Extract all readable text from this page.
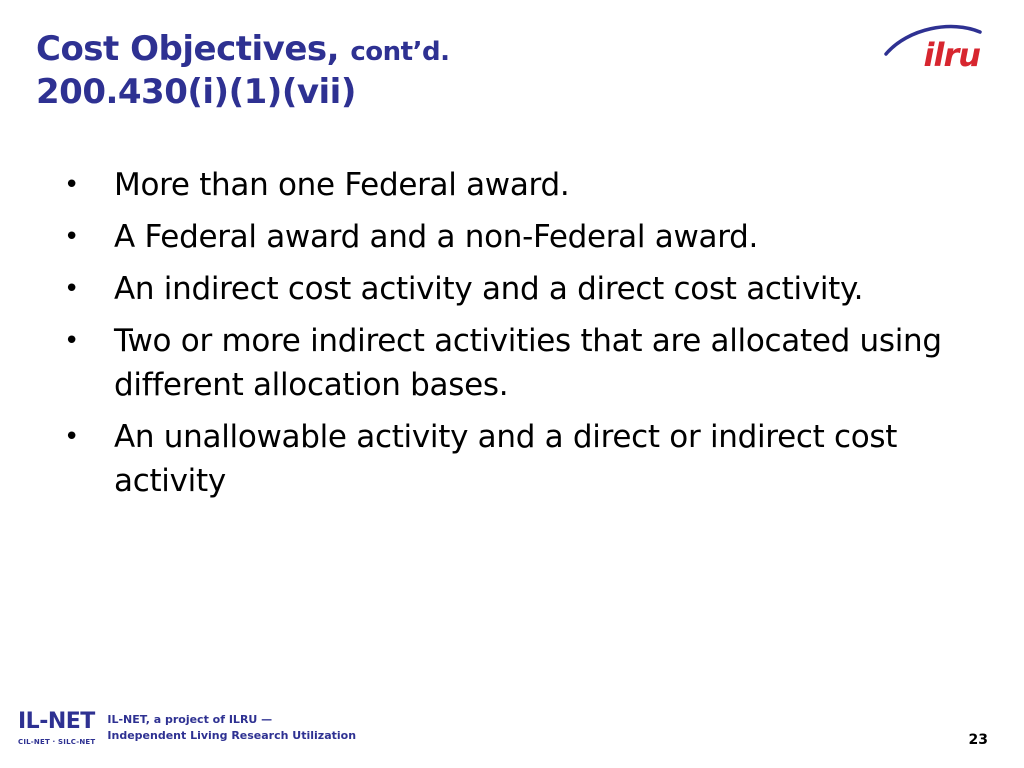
Cost Objectives, cont’d.
200.430(i)(1)(vii)
ilru
• More than one Federal award.
• A Federal award and a non-Federal award.
• An indirect cost activity and a direct cost activity.
• Two or more indirect activities that are allocated using different allocation bases.
• An unallowable activity and a direct or indirect cost activity
IL-NET
CIL-NET · SILC-NET
IL-NET, a project of ILRU —
Independent Living Research Utilization	23
